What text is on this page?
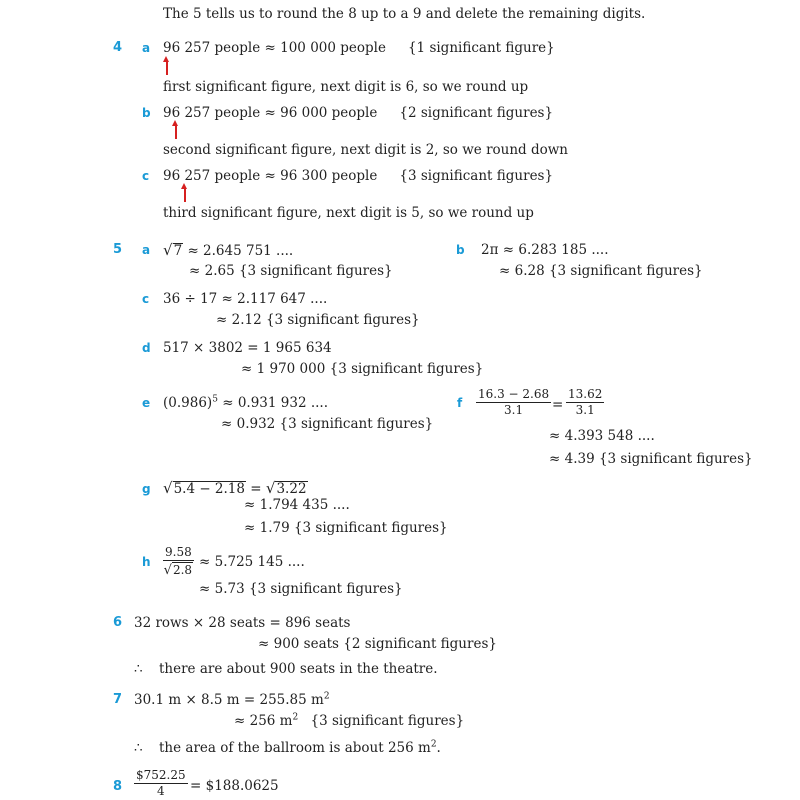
The 5 tells us to round the 8 up to a 9 and delete the remaining digits.
4 a 96 257 people ≈ 100 000 people {1 significant figure}
first significant figure, next digit is 6, so we round up
b 96 257 people ≈ 96 000 people {2 significant figures}
second significant figure, next digit is 2, so we round down
c 96 257 people ≈ 96 300 people {3 significant figures}
third significant figure, next digit is 5, so we round up
5 a √7 ≈ 2.645 751 ....
≈ 2.65 {3 significant figures}
b 2π ≈ 6.283 185 ....
≈ 6.28 {3 significant figures}
c 36 ÷ 17 ≈ 2.117 647 ....
≈ 2.12 {3 significant figures}
d 517 × 3802 = 1 965 634
≈ 1 970 000 {3 significant figures}
e $(0.986)^5 \approx 0.931$ 932 ....
≈ 0.932 {3 significant figures}
f $\frac{16.3 - 2.68}{3.1} = \frac{13.62}{3.1}$
≈ 4.393 548 ....
≈ 4.39 {3 significant figures}
g √5.4 − 2.18 = √3.22
≈ 1.794 435 ....
≈ 1.79 {3 significant figures}
h $\frac{9.58}{√2.8} \approx 5.725$ 145 ....
≈ 5.73 {3 significant figures}
6 32 rows × 28 seats = 896 seats
≈ 900 seats {2 significant figures}
∴ there are about 900 seats in the theatre.
7 30.1 m × 8.5 m = 255.85 $m^2$
≈ 256 $m^2$ {3 significant figures}
∴ the area of the ballroom is about 256 $m^2$.
$8 \frac{\$752.25}{4}$ = $188.0625
